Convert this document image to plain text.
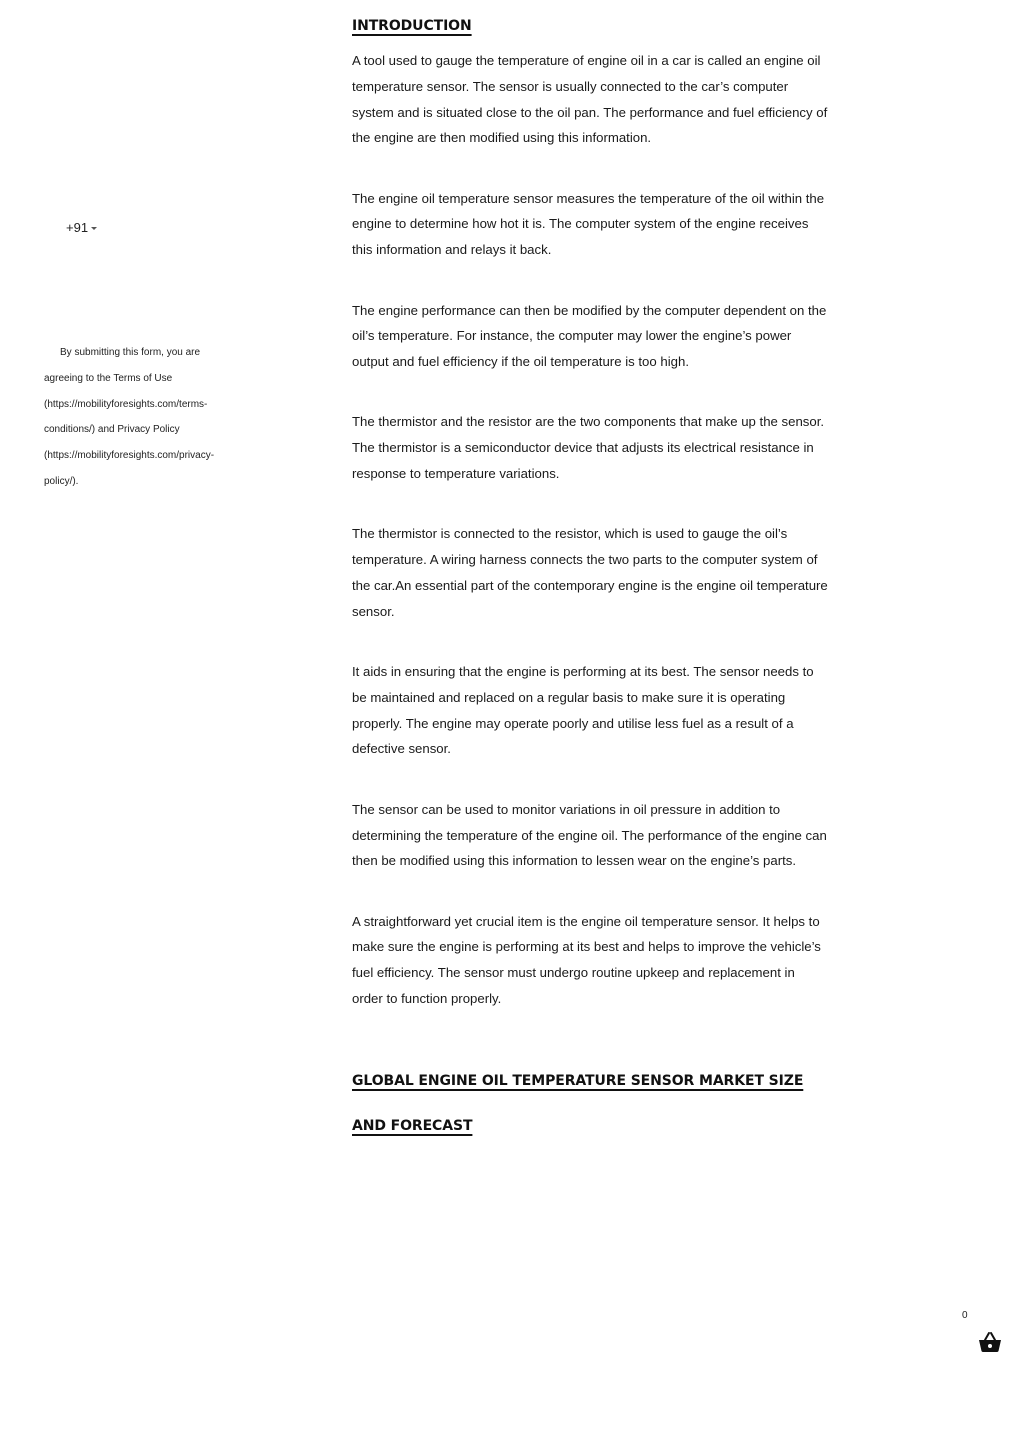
+91

By submitting this form, you are agreeing to the Terms of Use (https://mobilityforesights.com/terms-conditions/) and Privacy Policy (https://mobilityforesights.com/privacy-policy/).

INTRODUCTION

A tool used to gauge the temperature of engine oil in a car is called an engine oil temperature sensor. The sensor is usually connected to the car’s computer system and is situated close to the oil pan. The performance and fuel efficiency of the engine are then modified using this information.

The engine oil temperature sensor measures the temperature of the oil within the engine to determine how hot it is. The computer system of the engine receives this information and relays it back.

The engine performance can then be modified by the computer dependent on the oil’s temperature. For instance, the computer may lower the engine’s power output and fuel efficiency if the oil temperature is too high.

The thermistor and the resistor are the two components that make up the sensor. The thermistor is a semiconductor device that adjusts its electrical resistance in response to temperature variations.

The thermistor is connected to the resistor, which is used to gauge the oil’s temperature. A wiring harness connects the two parts to the computer system of the car.An essential part of the contemporary engine is the engine oil temperature sensor.

It aids in ensuring that the engine is performing at its best. The sensor needs to be maintained and replaced on a regular basis to make sure it is operating properly. The engine may operate poorly and utilise less fuel as a result of a defective sensor.

The sensor can be used to monitor variations in oil pressure in addition to determining the temperature of the engine oil. The performance of the engine can then be modified using this information to lessen wear on the engine’s parts.

A straightforward yet crucial item is the engine oil temperature sensor. It helps to make sure the engine is performing at its best and helps to improve the vehicle’s fuel efficiency. The sensor must undergo routine upkeep and replacement in order to function properly.

GLOBAL ENGINE OIL TEMPERATURE SENSOR MARKET SIZE AND FORECAST
0
